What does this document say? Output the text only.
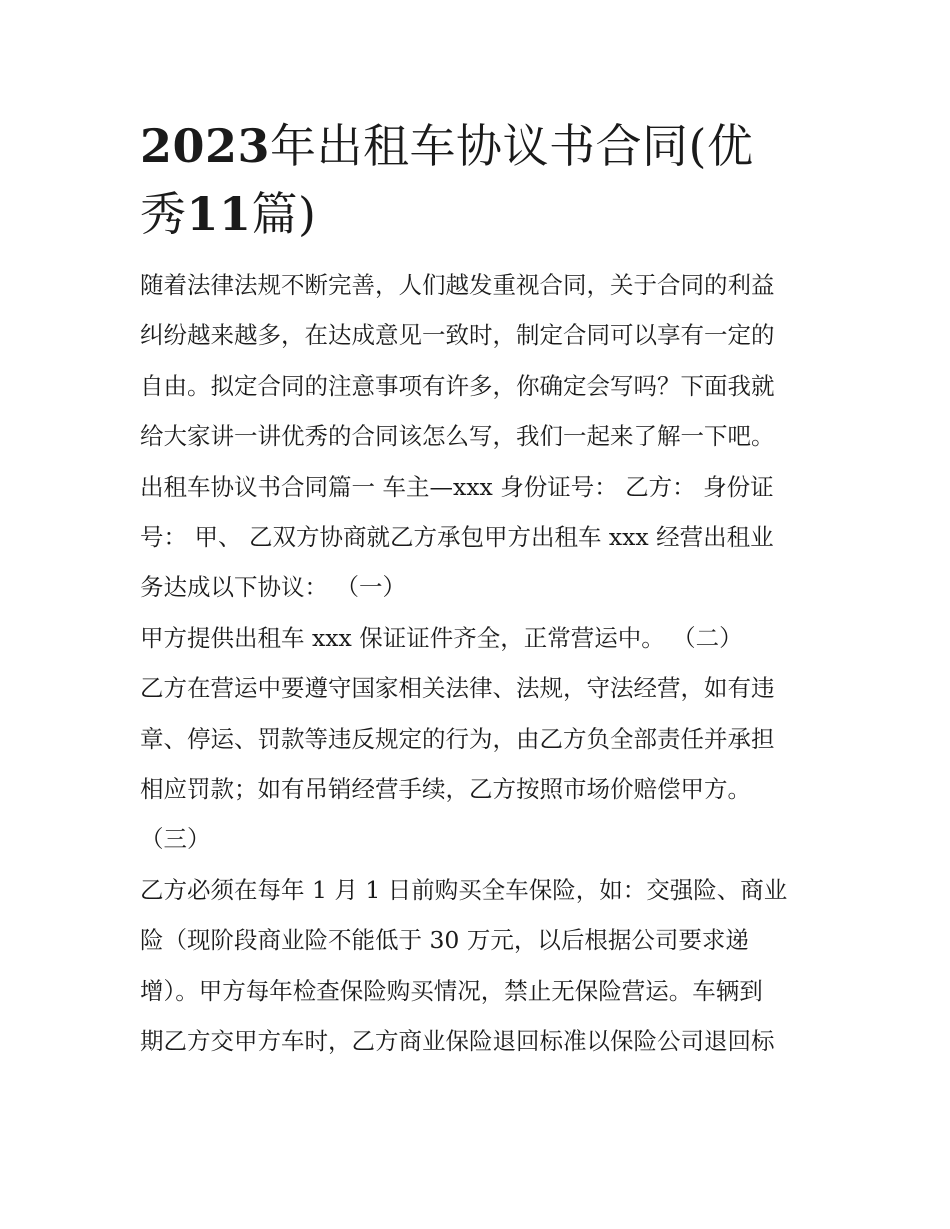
2023年出租车协议书合同(优
秀11篇)

随着法律法规不断完善，人们越发重视合同，关于合同的利益

纠纷越来越多，在达成意见一致时，制定合同可以享有一定的

自由。拟定合同的注意事项有许多，你确定会写吗？下面我就

给大家讲一讲优秀的合同该怎么写，我们一起来了解一下吧。

出租车协议书合同篇一 车主—xxx 身份证号： 乙方： 身份证

号： 甲、 乙双方协商就乙方承包甲方出租车 xxx 经营出租业

务达成以下协议： （一）

甲方提供出租车 xxx 保证证件齐全，正常营运中。 （二）

乙方在营运中要遵守国家相关法律、法规，守法经营，如有违

章、停运、罚款等违反规定的行为，由乙方负全部责任并承担

相应罚款；如有吊销经营手续，乙方按照市场价赔偿甲方。

（三）

乙方必须在每年 1 月 1 日前购买全车保险，如：交强险、商业

险（现阶段商业险不能低于 30 万元，以后根据公司要求递

增）。甲方每年检查保险购买情况，禁止无保险营运。车辆到

期乙方交甲方车时，乙方商业保险退回标准以保险公司退回标
